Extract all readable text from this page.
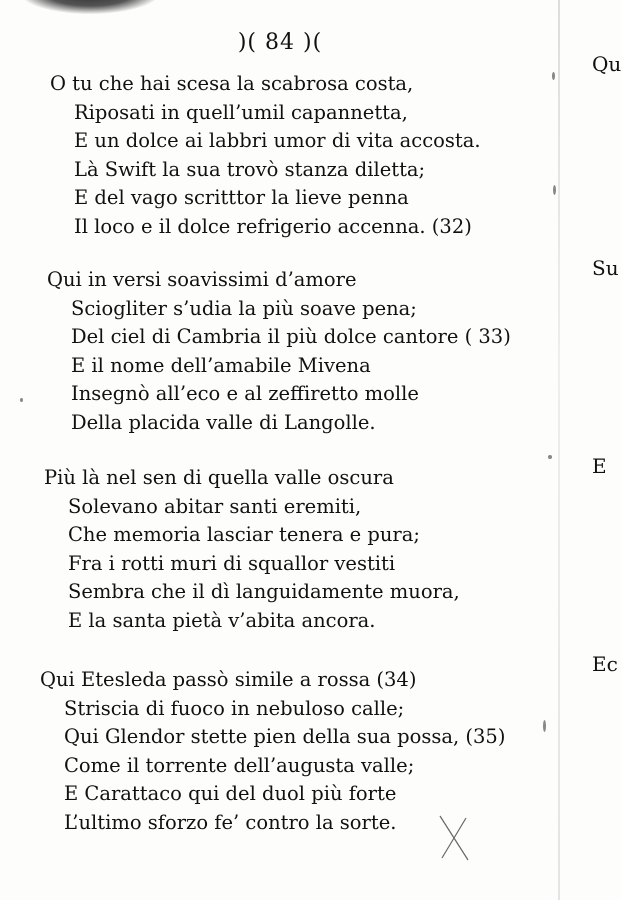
)( 84 )(
O tu che hai scesa la scabrosa costa,
Riposati in quell’umil capannetta,
E un dolce ai labbri umor di vita accosta.
Là Swift la sua trovò stanza diletta;
E del vago scritttor la lieve penna
Il loco e il dolce refrigerio accenna. (32)
Qui in versi soavissimi d’amore
Sciogliter s’udia la più soave pena;
Del ciel di Cambria il più dolce cantore ( 33)
E il nome dell’amabile Mivena
Insegnò all’eco e al zeffiretto molle
Della placida valle di Langolle.
Più là nel sen di quella valle oscura
Solevano abitar santi eremiti,
Che memoria lasciar tenera e pura;
Fra i rotti muri di squallor vestiti
Sembra che il dì languidamente muora,
E la santa pietà v’abita ancora.
Qui Etesleda passò simile a rossa (34)
Striscia di fuoco in nebuloso calle;
Qui Glendor stette pien della sua possa, (35)
Come il torrente dell’augusta valle;
E Carattaco qui del duol più forte
L’ultimo sforzo fe’ contro la sorte.
Qu
Su
E
Ec
